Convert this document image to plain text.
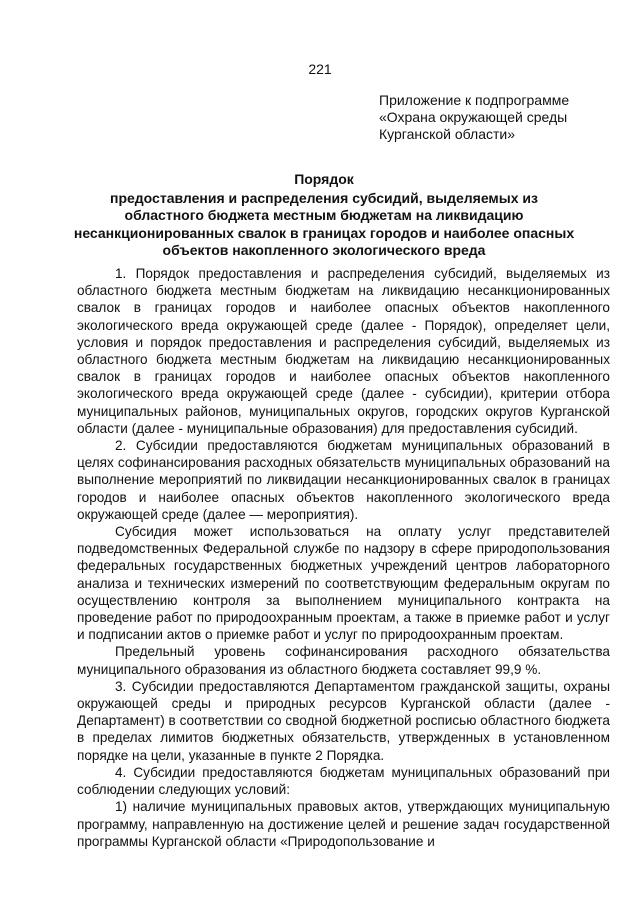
221
Приложение к подпрограмме
«Охрана окружающей среды
Курганской области»
Порядок
предоставления и распределения субсидий, выделяемых из областного бюджета местным бюджетам на ликвидацию несанкционированных свалок в границах городов и наиболее опасных объектов накопленного экологического вреда

1. Порядок предоставления и распределения субсидий, выделяемых из областного бюджета местным бюджетам на ликвидацию несанкционированных свалок в границах городов и наиболее опасных объектов накопленного экологического вреда окружающей среде (далее - Порядок), определяет цели, условия и порядок предоставления и распределения субсидий, выделяемых из областного бюджета местным бюджетам на ликвидацию несанкционированных свалок в границах городов и наиболее опасных объектов накопленного экологического вреда окружающей среде (далее - субсидии), критерии отбора муниципальных районов, муниципальных округов, городских округов Курганской области (далее - муниципальные образования) для предоставления субсидий.

2. Субсидии предоставляются бюджетам муниципальных образований в целях софинансирования расходных обязательств муниципальных образований на выполнение мероприятий по ликвидации несанкционированных свалок в границах городов и наиболее опасных объектов накопленного экологического вреда окружающей среде (далее — мероприятия).

Субсидия может использоваться на оплату услуг представителей подведомственных Федеральной службе по надзору в сфере природопользования федеральных государственных бюджетных учреждений центров лабораторного анализа и технических измерений по соответствующим федеральным округам по осуществлению контроля за выполнением муниципального контракта на проведение работ по природоохранным проектам, а также в приемке работ и услуг и подписании актов о приемке работ и услуг по природоохранным проектам.

Предельный уровень софинансирования расходного обязательства муниципального образования из областного бюджета составляет 99,9 %.

3. Субсидии предоставляются Департаментом гражданской защиты, охраны окружающей среды и природных ресурсов Курганской области (далее - Департамент) в соответствии со сводной бюджетной росписью областного бюджета в пределах лимитов бюджетных обязательств, утвержденных в установленном порядке на цели, указанные в пункте 2 Порядка.

4. Субсидии предоставляются бюджетам муниципальных образований при соблюдении следующих условий:

1) наличие муниципальных правовых актов, утверждающих муниципальную программу, направленную на достижение целей и решение задач государственной программы Курганской области «Природопользование и
